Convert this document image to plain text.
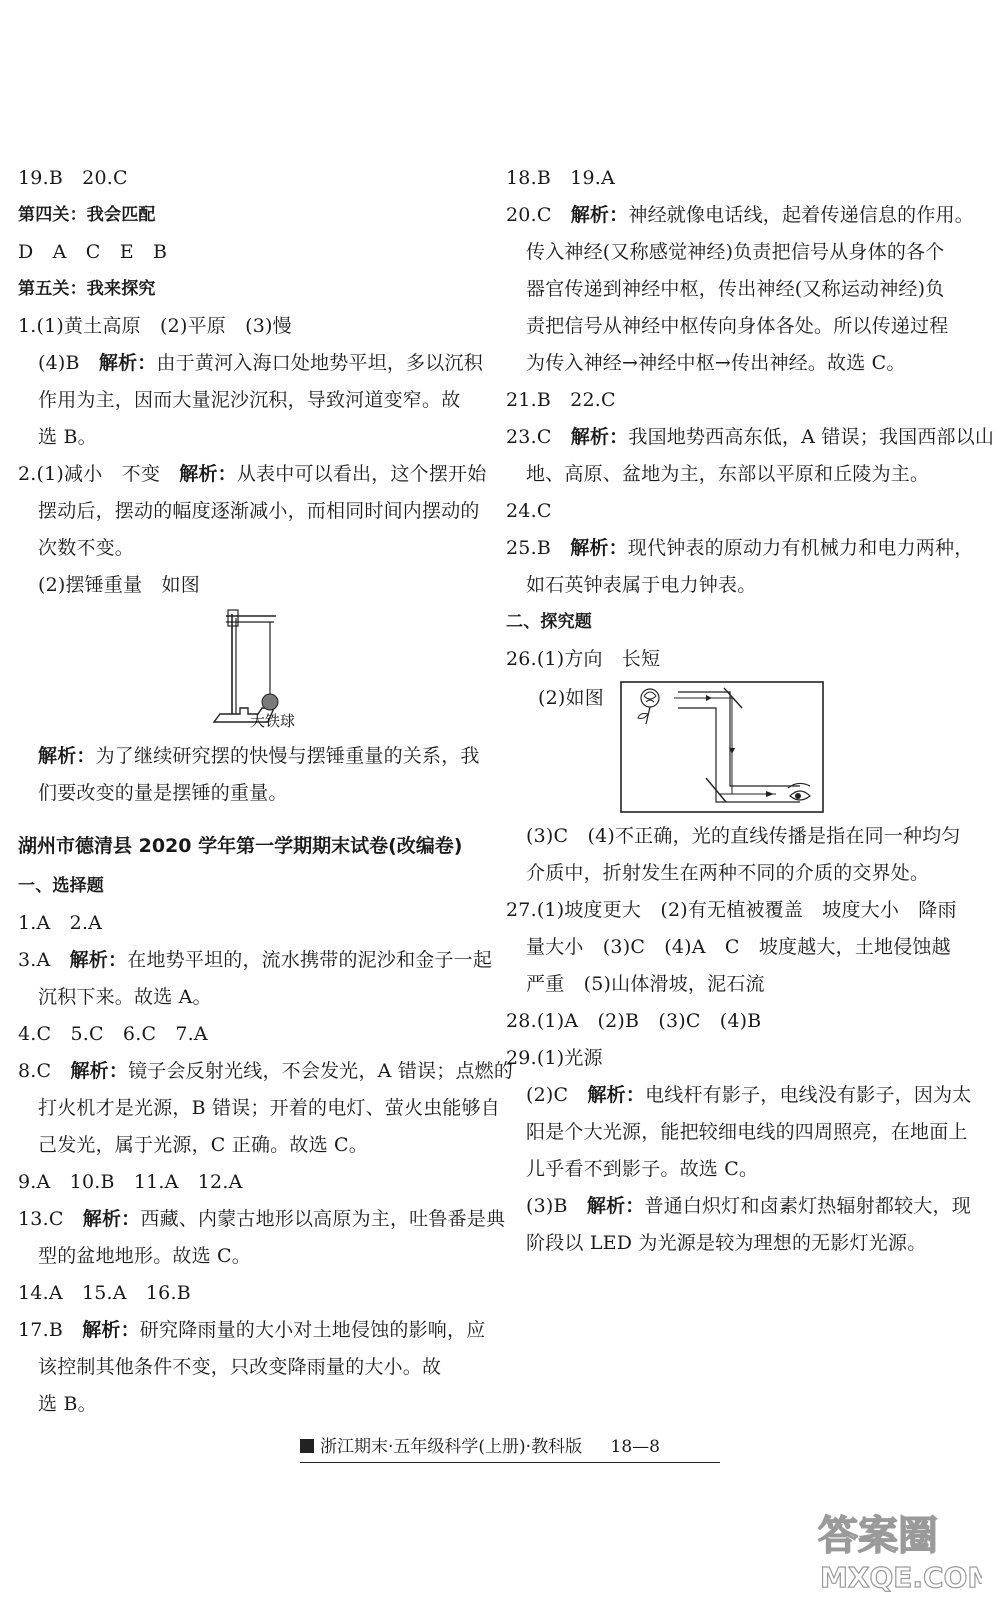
19.B　20.C
第四关：我会匹配
D　A　C　E　B
第五关：我来探究
1.(1)黄土高原　(2)平原　(3)慢
(4)B　解析：由于黄河入海口处地势平坦，多以沉积
作用为主，因而大量泥沙沉积，导致河道变窄。故
选 B。
2.(1)减小　不变　解析：从表中可以看出，这个摆开始
摆动后，摆动的幅度逐渐减小，而相同时间内摆动的
次数不变。
(2)摆锤重量　如图
大铁球
解析：为了继续研究摆的快慢与摆锤重量的关系，我
们要改变的量是摆锤的重量。
湖州市德清县 2020 学年第一学期期末试卷(改编卷)
一、选择题
1.A　2.A
3.A　解析：在地势平坦的，流水携带的泥沙和金子一起
沉积下来。故选 A。
4.C　5.C　6.C　7.A
8.C　解析：镜子会反射光线，不会发光，A 错误；点燃的
打火机才是光源，B 错误；开着的电灯、萤火虫能够自
己发光，属于光源，C 正确。故选 C。
9.A　10.B　11.A　12.A
13.C　解析：西藏、内蒙古地形以高原为主，吐鲁番是典
型的盆地地形。故选 C。
14.A　15.A　16.B
17.B　解析：研究降雨量的大小对土地侵蚀的影响，应
该控制其他条件不变，只改变降雨量的大小。故
选 B。
18.B　19.A
20.C　解析：神经就像电话线，起着传递信息的作用。
传入神经(又称感觉神经)负责把信号从身体的各个
器官传递到神经中枢，传出神经(又称运动神经)负
责把信号从神经中枢传向身体各处。所以传递过程
为传入神经→神经中枢→传出神经。故选 C。
21.B　22.C
23.C　解析：我国地势西高东低，A 错误；我国西部以山
地、高原、盆地为主，东部以平原和丘陵为主。
24.C
25.B　解析：现代钟表的原动力有机械力和电力两种，
如石英钟表属于电力钟表。
二、探究题
26.(1)方向　长短
(2)如图
(3)C　(4)不正确，光的直线传播是指在同一种均匀
介质中，折射发生在两种不同的介质的交界处。
27.(1)坡度更大　(2)有无植被覆盖　坡度大小　降雨
量大小　(3)C　(4)A　C　坡度越大，土地侵蚀越
严重　(5)山体滑坡，泥石流
28.(1)A　(2)B　(3)C　(4)B
29.(1)光源
(2)C　解析：电线杆有影子，电线没有影子，因为太
阳是个大光源，能把较细电线的四周照亮，在地面上
儿乎看不到影子。故选 C。
(3)B　解析：普通白炽灯和卤素灯热辐射都较大，现
阶段以 LED 为光源是较为理想的无影灯光源。
浙江期末·五年级科学(上册)·教科版 18—8
答案圈
MXQE.COM
